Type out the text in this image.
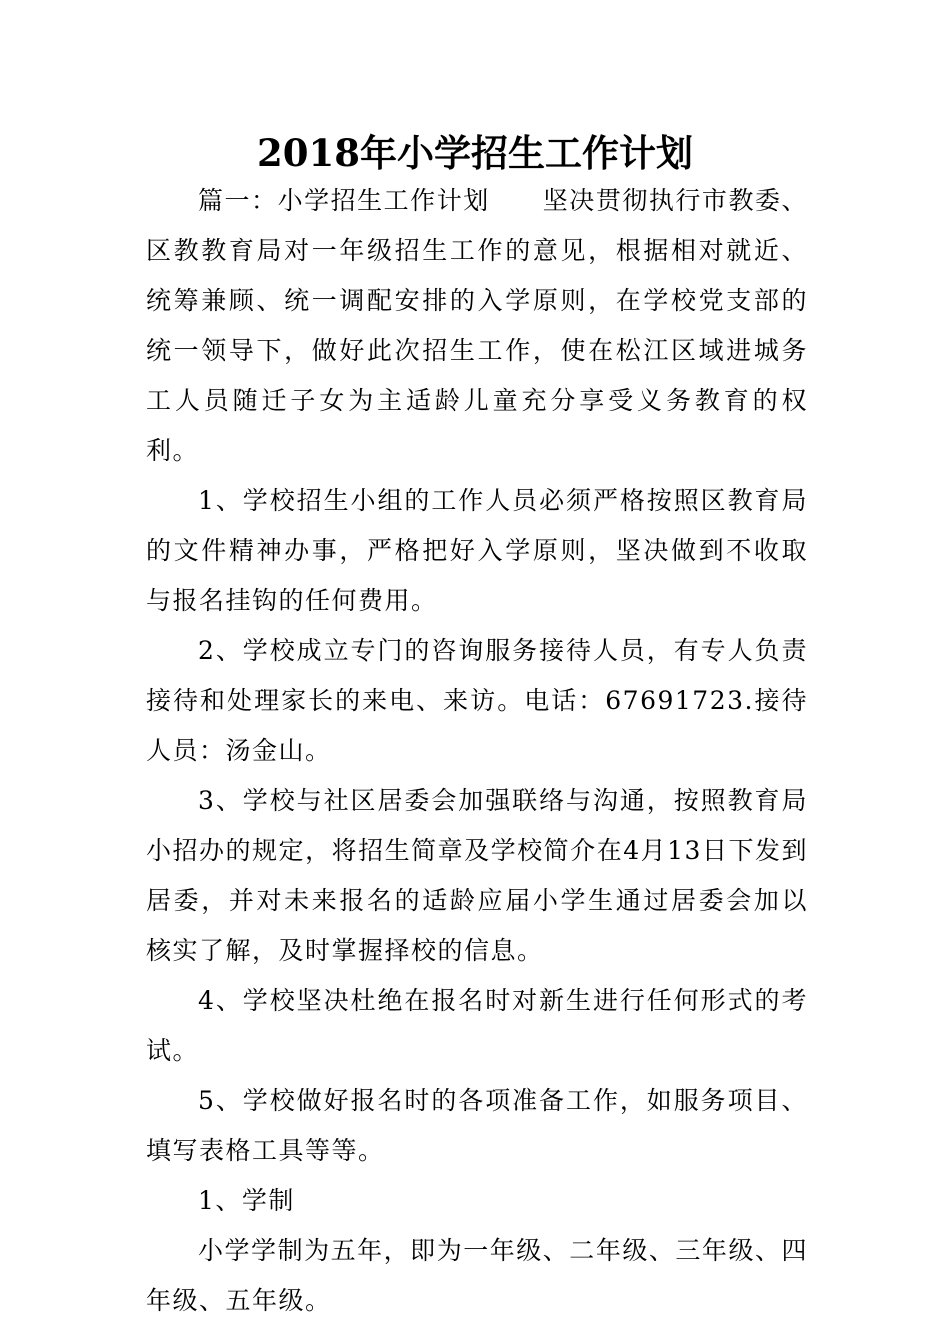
2018年小学招生工作计划

篇一：小学招生工作计划　　坚决贯彻执行市教委、区教教育局对一年级招生工作的意见，根据相对就近、统筹兼顾、统一调配安排的入学原则，在学校党支部的统一领导下，做好此次招生工作，使在松江区域进城务工人员随迁子女为主适龄儿童充分享受义务教育的权利。

1、学校招生小组的工作人员必须严格按照区教育局的文件精神办事，严格把好入学原则，坚决做到不收取与报名挂钩的任何费用。

2、学校成立专门的咨询服务接待人员，有专人负责接待和处理家长的来电、来访。电话：67691723.接待人员：汤金山。

3、学校与社区居委会加强联络与沟通，按照教育局小招办的规定，将招生简章及学校简介在4月13日下发到居委，并对未来报名的适龄应届小学生通过居委会加以核实了解，及时掌握择校的信息。

4、学校坚决杜绝在报名时对新生进行任何形式的考试。

5、学校做好报名时的各项准备工作，如服务项目、填写表格工具等等。

1、学制

小学学制为五年，即为一年级、二年级、三年级、四年级、五年级。
